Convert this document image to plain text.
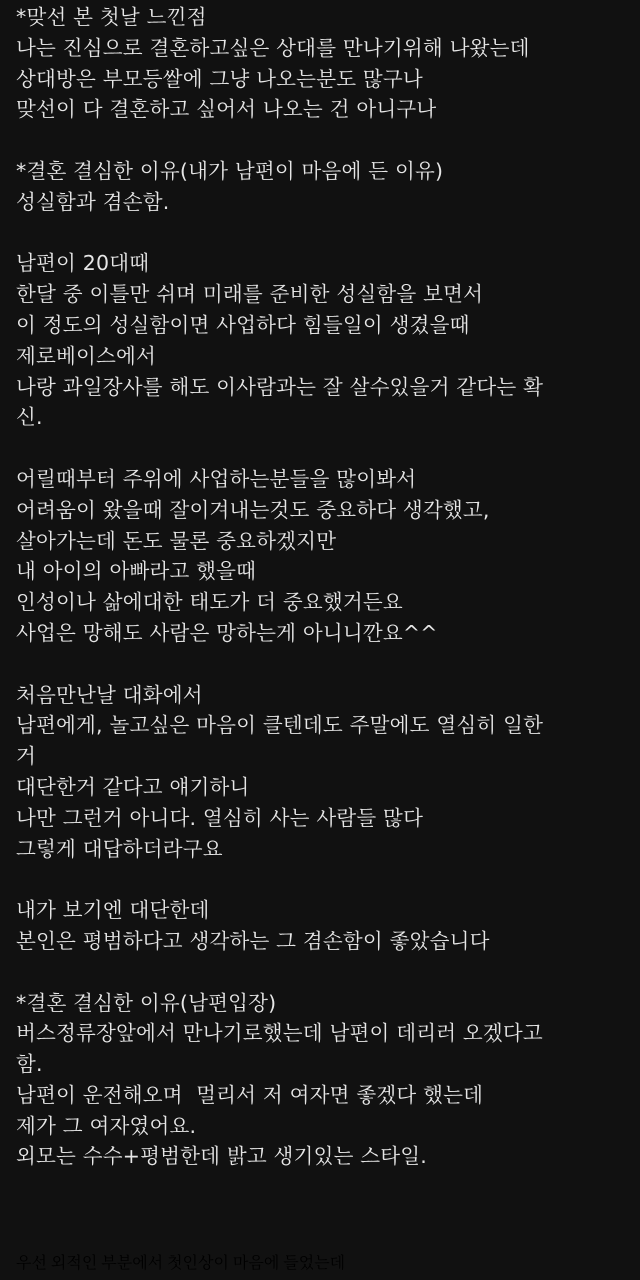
*맞선 본 첫날 느낀점
나는 진심으로 결혼하고싶은 상대를 만나기위해 나왔는데
상대방은 부모등쌀에 그냥 나오는분도 많구나
맞선이 다 결혼하고 싶어서 나오는 건 아니구나
*결혼 결심한 이유(내가 남편이 마음에 든 이유)
성실함과 겸손함.
남편이 20대때
한달 중 이틀만 쉬며 미래를 준비한 성실함을 보면서
이 정도의 성실함이면 사업하다 힘들일이 생겼을때
제로베이스에서
나랑 과일장사를 해도 이사람과는 잘 살수있을거 같다는 확
신.
어릴때부터 주위에 사업하는분들을 많이봐서
어려움이 왔을때 잘이겨내는것도 중요하다 생각했고,
살아가는데 돈도 물론 중요하겠지만
내 아이의 아빠라고 했을때
인성이나 삶에대한 태도가 더 중요했거든요
사업은 망해도 사람은 망하는게 아니니깐요^^
처음만난날 대화에서
남편에게, 놀고싶은 마음이 클텐데도 주말에도 열심히 일한
거
대단한거 같다고 얘기하니
나만 그런거 아니다. 열심히 사는 사람들 많다
그렇게 대답하더라구요
내가 보기엔 대단한데
본인은 평범하다고 생각하는 그 겸손함이 좋았습니다
*결혼 결심한 이유(남편입장)
버스정류장앞에서 만나기로했는데 남편이 데리러 오겠다고
함.
남편이 운전해오며  멀리서 저 여자면 좋겠다 했는데
제가 그 여자였어요.
외모는 수수+평범한데 밝고 생기있는 스타일.
우선 외적인 부분에서 첫인상이 마음에 들었는데
